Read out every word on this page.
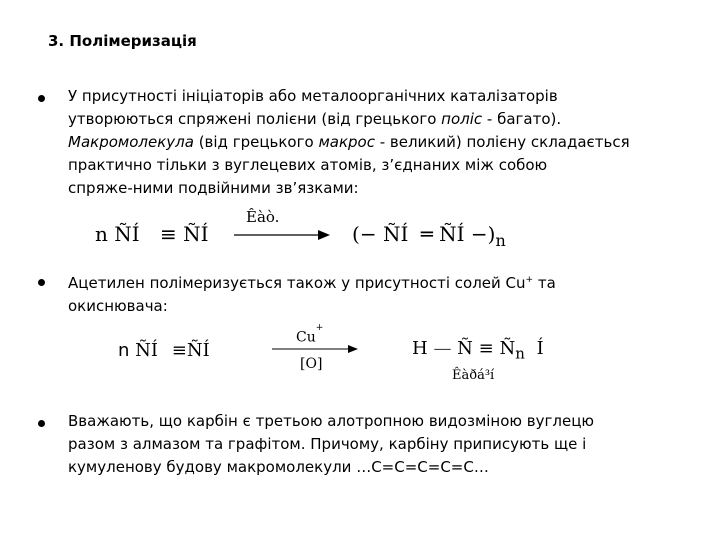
3. Полімеризація
У присутності ініціаторів або металоорганічних каталізаторів
утворюються спряжені полієни (від грецького поліс - багато).
Макромолекула (від грецького макрос - великий) полієну складається
практично тільки з вуглецевих атомів, з’єднаних між собою
спряже-ними подвійними зв’язками:
n ÑÍ ≡ ÑÍ
Êàò.
(− ÑÍ ═ ÑÍ $-)_n$
Ацетилен полімеризується також у присутності солей Cu+ та
окиснювача:
n ÑÍ ≡ÑÍ
Cu+
[O]
H — Ñ ≡ $Ñ_n$ Í
Êàðá³í
Вважають, що карбін є третьою алотропною видозміною вуглецю
разом з алмазом та графітом. Причому, карбіну приписують ще і
кумуленову будову макромолекули …C=C=C=C=C…
